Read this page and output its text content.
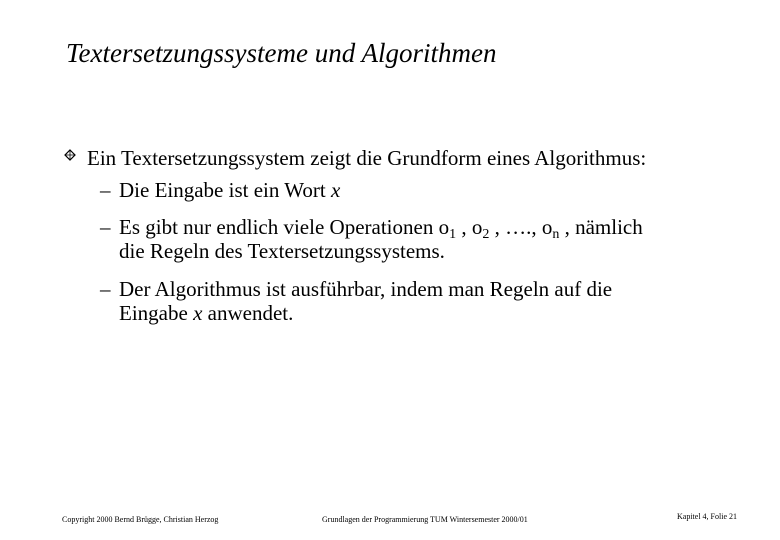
Textersetzungssysteme und Algorithmen
Ein Textersetzungssystem zeigt die Grundform eines Algorithmus:
– Die Eingabe ist ein Wort x
– Es gibt nur endlich viele Operationen $o_1$ , $o_2$ , …., $o_n$ , nämlich
die Regeln des Textersetzungssystems.
– Der Algorithmus ist ausführbar, indem man Regeln auf die
Eingabe x anwendet.
Copyright 2000 Bernd Brügge, Christian Herzog	Grundlagen der Programmierung TUM Wintersemester 2000/01	Kapitel 4, Folie 21
